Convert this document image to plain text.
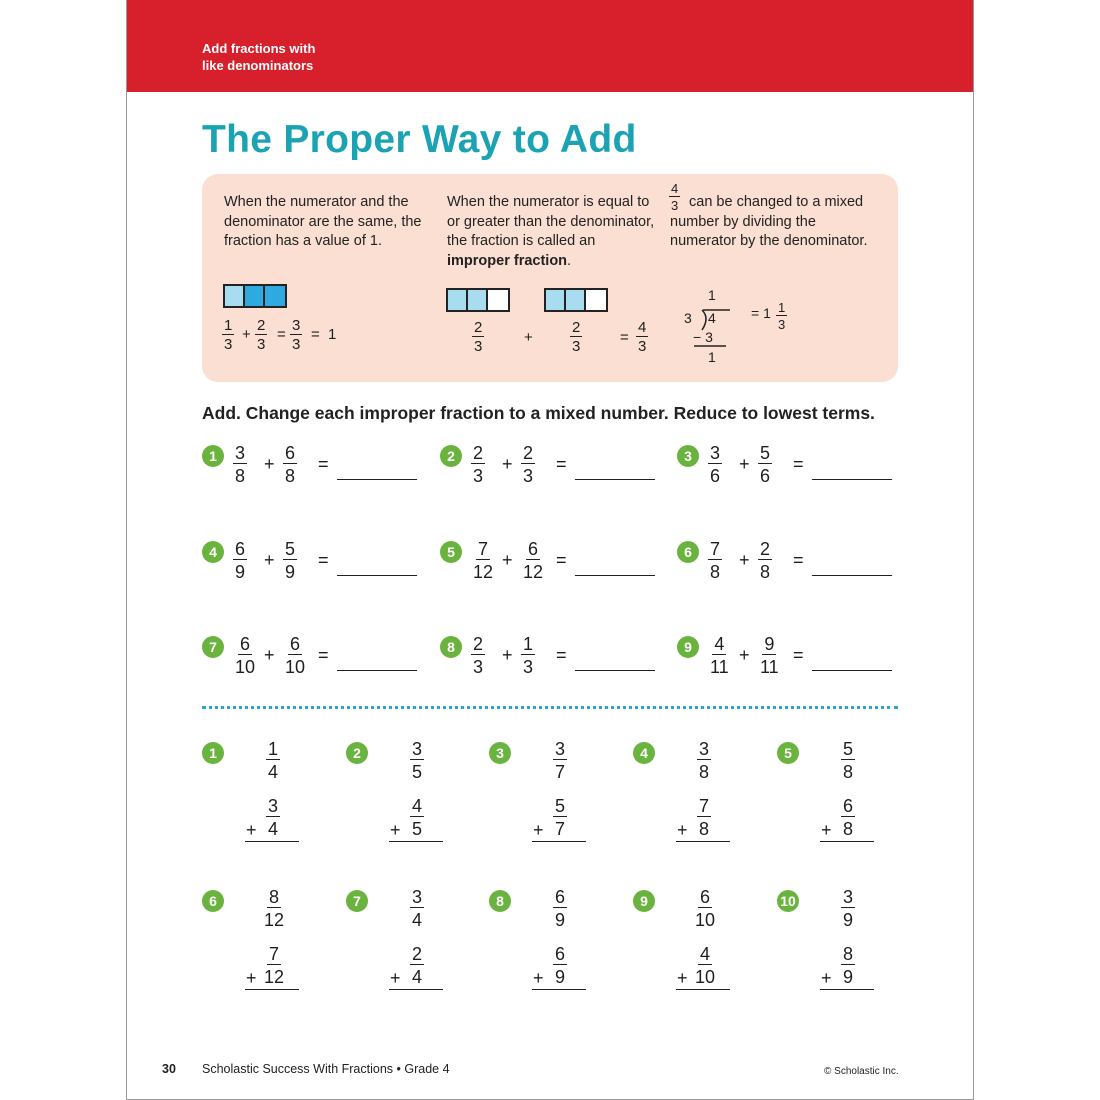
Add fractions with
like denominators
The Proper Way to Add
When the numerator and the denominator are the same, the fraction has a value of 1.
$\frac{1}{3} + \frac{2}{3} = \frac{3}{3} = 1$
When the numerator is equal to or greater than the denominator, the fraction is called an improper fraction.
$\frac{2}{3}$	+ $\frac{2}{3}$	= $\frac{4}{3}$
$\frac{4}{3}$ can be changed to a mixed number by dividing the numerator by the denominator.
1
3 4
− 3
1
= $1 \frac{1}{3}$

Add. Change each improper fraction to a mixed number. Reduce to lowest terms.

$1 \frac{3}{8} + \frac{6}{8}$ =	$2 \frac{2}{3} + \frac{2}{3}$ =	$3 \frac{3}{6} + \frac{5}{6}$ =
$4 \frac{6}{9} + \frac{5}{9}$ =	$5 \frac{7}{12} + \frac{6}{12}$ =	$6 \frac{7}{8} + \frac{2}{8}$ =
$7 \frac{6}{10} + \frac{6}{10}$ =	$8 \frac{2}{3} + \frac{1}{3}$ =	$9 \frac{4}{11} + \frac{9}{11}$ =
1	$\frac{1}{4}$
+ $\frac{3}{4}$
2	$\frac{3}{5}$
+ $\frac{4}{5}$
3	$\frac{3}{7}$
+ $\frac{5}{7}$
4	$\frac{3}{8}$
+ $\frac{7}{8}$
5	$\frac{5}{8}$
+ $\frac{6}{8}$
6	$\frac{8}{12}$
+ $\frac{7}{12}$
7	$\frac{3}{4}$
+ $\frac{2}{4}$
8	$\frac{6}{9}$
+ $\frac{6}{9}$
9	$\frac{6}{10}$
+ $\frac{4}{10}$
$10 \frac{3}{9}$
+ $\frac{8}{9}$
30 Scholastic Success With Fractions • Grade 4	© Scholastic Inc.
